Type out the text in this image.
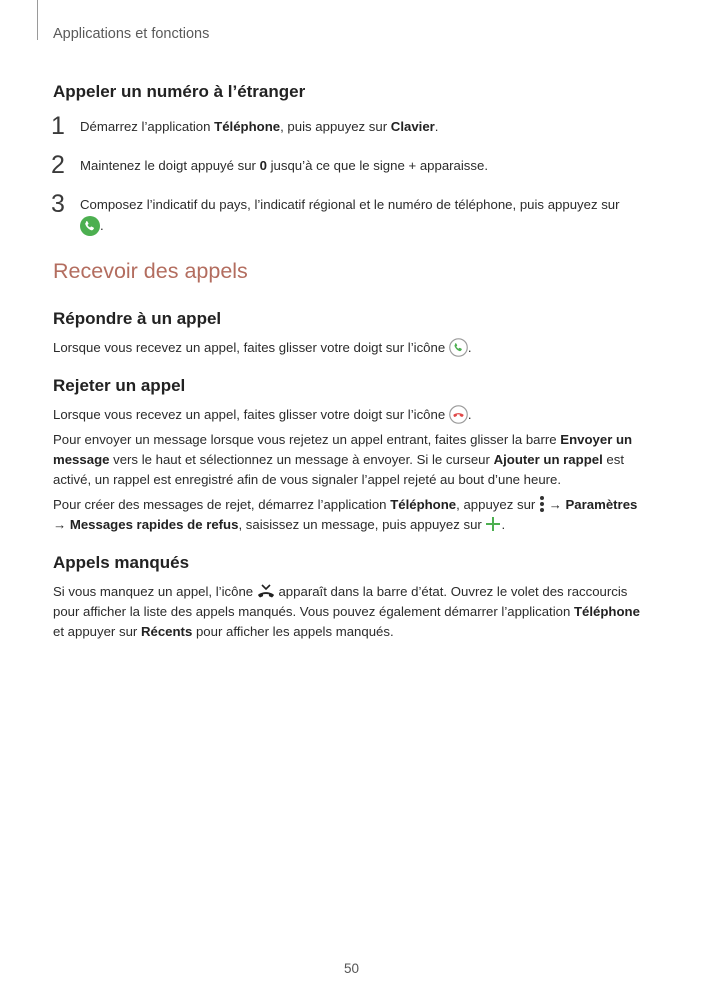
Applications et fonctions
Appeler un numéro à l’étranger
1 Démarrez l’application Téléphone, puis appuyez sur Clavier.
2 Maintenez le doigt appuyé sur 0 jusqu’à ce que le signe + apparaisse.
3 Composez l’indicatif du pays, l’indicatif régional et le numéro de téléphone, puis appuyez sur
.
Recevoir des appels
Répondre à un appel

Lorsque vous recevez un appel, faites glisser votre doigt sur l’icône .

Rejeter un appel

Lorsque vous recevez un appel, faites glisser votre doigt sur l’icône .

Pour envoyer un message lorsque vous rejetez un appel entrant, faites glisser la barre Envoyer un message vers le haut et sélectionnez un message à envoyer. Si le curseur Ajouter un rappel est activé, un rappel est enregistré afin de vous signaler l’appel rejeté au bout d’une heure.

Pour créer des messages de rejet, démarrez l’application Téléphone, appuyez sur → Paramètres → Messages rapides de refus, saisissez un message, puis appuyez sur .

Appels manqués

Si vous manquez un appel, l’icône  apparaît dans la barre d’état. Ouvrez le volet des raccourcis pour afficher la liste des appels manqués. Vous pouvez également démarrer l’application Téléphone et appuyer sur Récents pour afficher les appels manqués.

50
